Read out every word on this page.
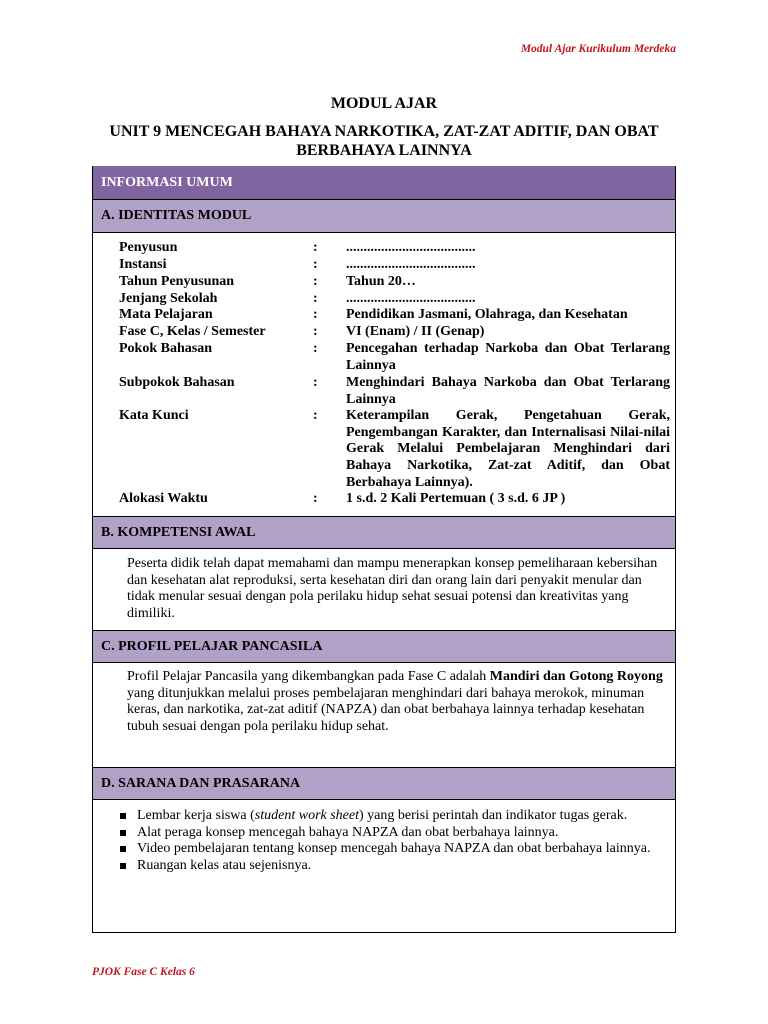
Modul Ajar Kurikulum Merdeka
MODUL AJAR
UNIT 9 MENCEGAH BAHAYA NARKOTIKA, ZAT-ZAT ADITIF, DAN OBAT BERBAHAYA LAINNYA
INFORMASI UMUM
A. IDENTITAS MODUL
Penyusun	: .....................................
Instansi	: .....................................
Tahun Penyusunan	: Tahun 20…
Jenjang Sekolah	: .....................................
Mata Pelajaran	: Pendidikan Jasmani, Olahraga, dan Kesehatan
Fase C, Kelas / Semester	: VI (Enam) / II (Genap)
Pokok Bahasan	: Pencegahan terhadap Narkoba dan Obat Terlarang Lainnya
Subpokok Bahasan	: Menghindari Bahaya Narkoba dan Obat Terlarang Lainnya
Kata Kunci	: Keterampilan Gerak, Pengetahuan Gerak, Pengembangan Karakter, dan Internalisasi Nilai-nilai Gerak Melalui Pembelajaran Menghindari dari Bahaya Narkotika, Zat-zat Aditif, dan Obat Berbahaya Lainnya).
Alokasi Waktu	: 1 s.d. 2 Kali Pertemuan ( 3 s.d. 6 JP )
B. KOMPETENSI AWAL
Peserta didik telah dapat memahami dan mampu menerapkan konsep pemeliharaan kebersihan dan kesehatan alat reproduksi, serta kesehatan diri dan orang lain dari penyakit menular dan tidak menular sesuai dengan pola perilaku hidup sehat sesuai potensi dan kreativitas yang dimiliki.
C. PROFIL PELAJAR PANCASILA
Profil Pelajar Pancasila yang dikembangkan pada Fase C adalah Mandiri dan Gotong Royong yang ditunjukkan melalui proses pembelajaran menghindari dari bahaya merokok, minuman keras, dan narkotika, zat-zat aditif (NAPZA) dan obat berbahaya lainnya terhadap kesehatan tubuh sesuai dengan pola perilaku hidup sehat.
D. SARANA DAN PRASARANA
Lembar kerja siswa (student work sheet) yang berisi perintah dan indikator tugas gerak.
Alat peraga konsep mencegah bahaya NAPZA dan obat berbahaya lainnya.
Video pembelajaran tentang konsep mencegah bahaya NAPZA dan obat berbahaya lainnya.
Ruangan kelas atau sejenisnya.
PJOK Fase C Kelas 6
